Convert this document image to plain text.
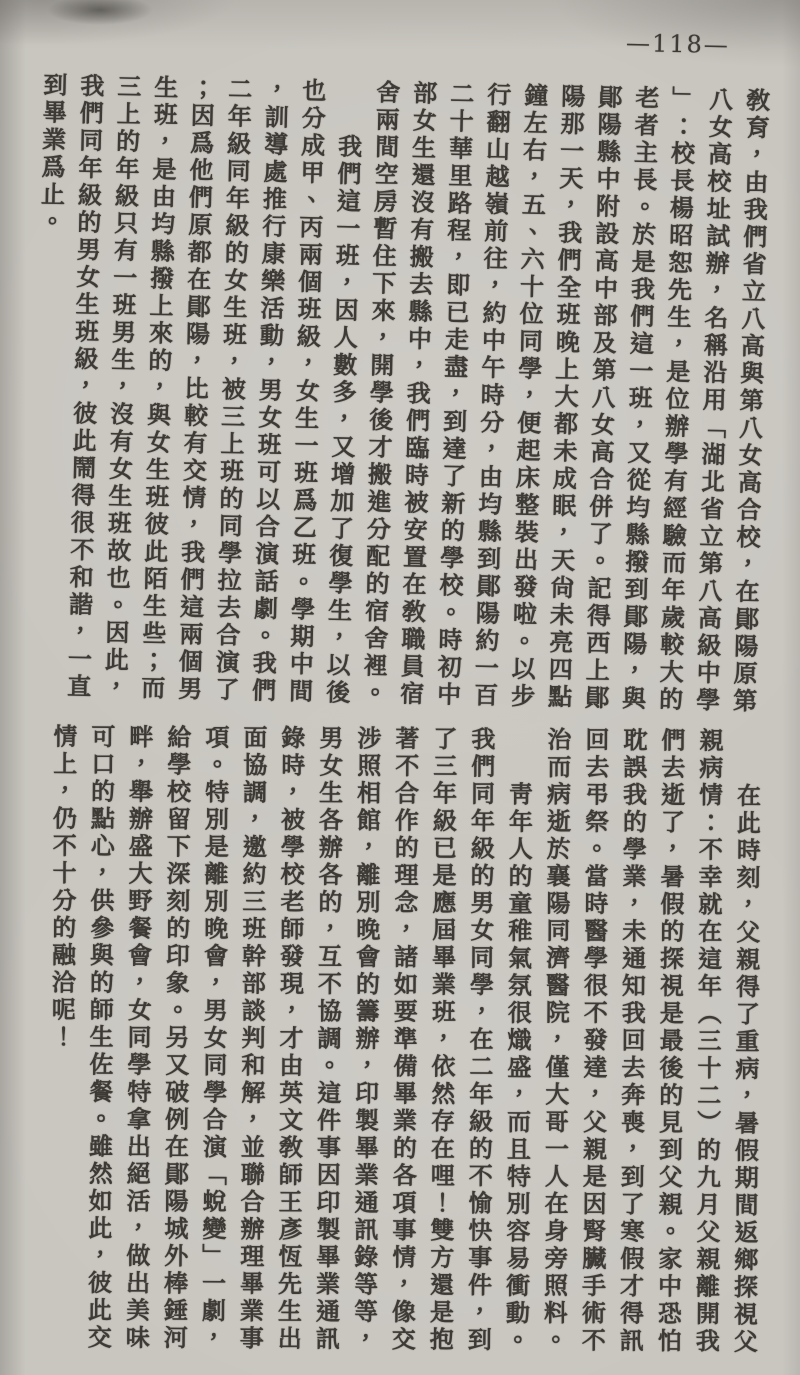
—118—
敎育，由我們省立八高與第八女高合校，在鄖陽原第
八女高校址試辦，名稱沿用「湖北省立第八高級中學
」：校長楊昭恕先生，是位辦學有經驗而年歲較大的
老者主長。於是我們這一班，又從均縣撥到鄖陽，與
鄖陽縣中附設高中部及第八女高合併了。記得西上鄖
陽那一天，我們全班晚上大都未成眠，天尙未亮四點
鐘左右，五、六十位同學，便起床整裝出發啦。以步
行翻山越嶺前往，約中午時分，由均縣到鄖陽約一百
二十華里路程，即已走盡，到達了新的學校。時初中
部女生還沒有搬去縣中，我們臨時被安置在敎職員宿
舍兩間空房暫住下來，開學後才搬進分配的宿舍裡。
我們這一班，因人數多，又增加了復學生，以後
也分成甲、丙兩個班級，女生一班爲乙班。學期中間
，訓導處推行康樂活動，男女班可以合演話劇。我們
二年級同年級的女生班，被三上班的同學拉去合演了
；因爲他們原都在鄖陽，比較有交情，我們這兩個男
生班，是由均縣撥上來的，與女生班彼此陌生些；而
三上的年級只有一班男生，沒有女生班故也。因此，
我們同年級的男女生班級，彼此鬧得很不和諧，一直
到畢業爲止。
在此時刻，父親得了重病，暑假期間返鄉探視父
親病情：不幸就在這年（三十二）的九月父親離開我
們去逝了，暑假的探視是最後的見到父親。家中恐怕
耽誤我的學業，未通知我回去奔喪，到了寒假才得訊
回去弔祭。當時醫學很不發達，父親是因腎臟手術不
治而病逝於襄陽同濟醫院，僅大哥一人在身旁照料。
靑年人的童稚氣氛很熾盛，而且特別容易衝動。
我們同年級的男女同學，在二年級的不愉快事件，到
了三年級已是應屆畢業班，依然存在哩！雙方還是抱
著不合作的理念，諸如要準備畢業的各項事情，像交
涉照相館，離別晚會的籌辦，印製畢業通訊錄等等，
男女生各辦各的，互不協調。這件事因印製畢業通訊
錄時，被學校老師發現，才由英文敎師王彥恆先生出
面協調，邀約三班幹部談判和解，並聯合辦理畢業事
項。特別是離別晚會，男女同學合演「蛻變」一劇，
給學校留下深刻的印象。另又破例在鄖陽城外棒錘河
畔，舉辦盛大野餐會，女同學特拿出絕活，做出美味
可口的點心，供參與的師生佐餐。雖然如此，彼此交
情上，仍不十分的融洽呢！
